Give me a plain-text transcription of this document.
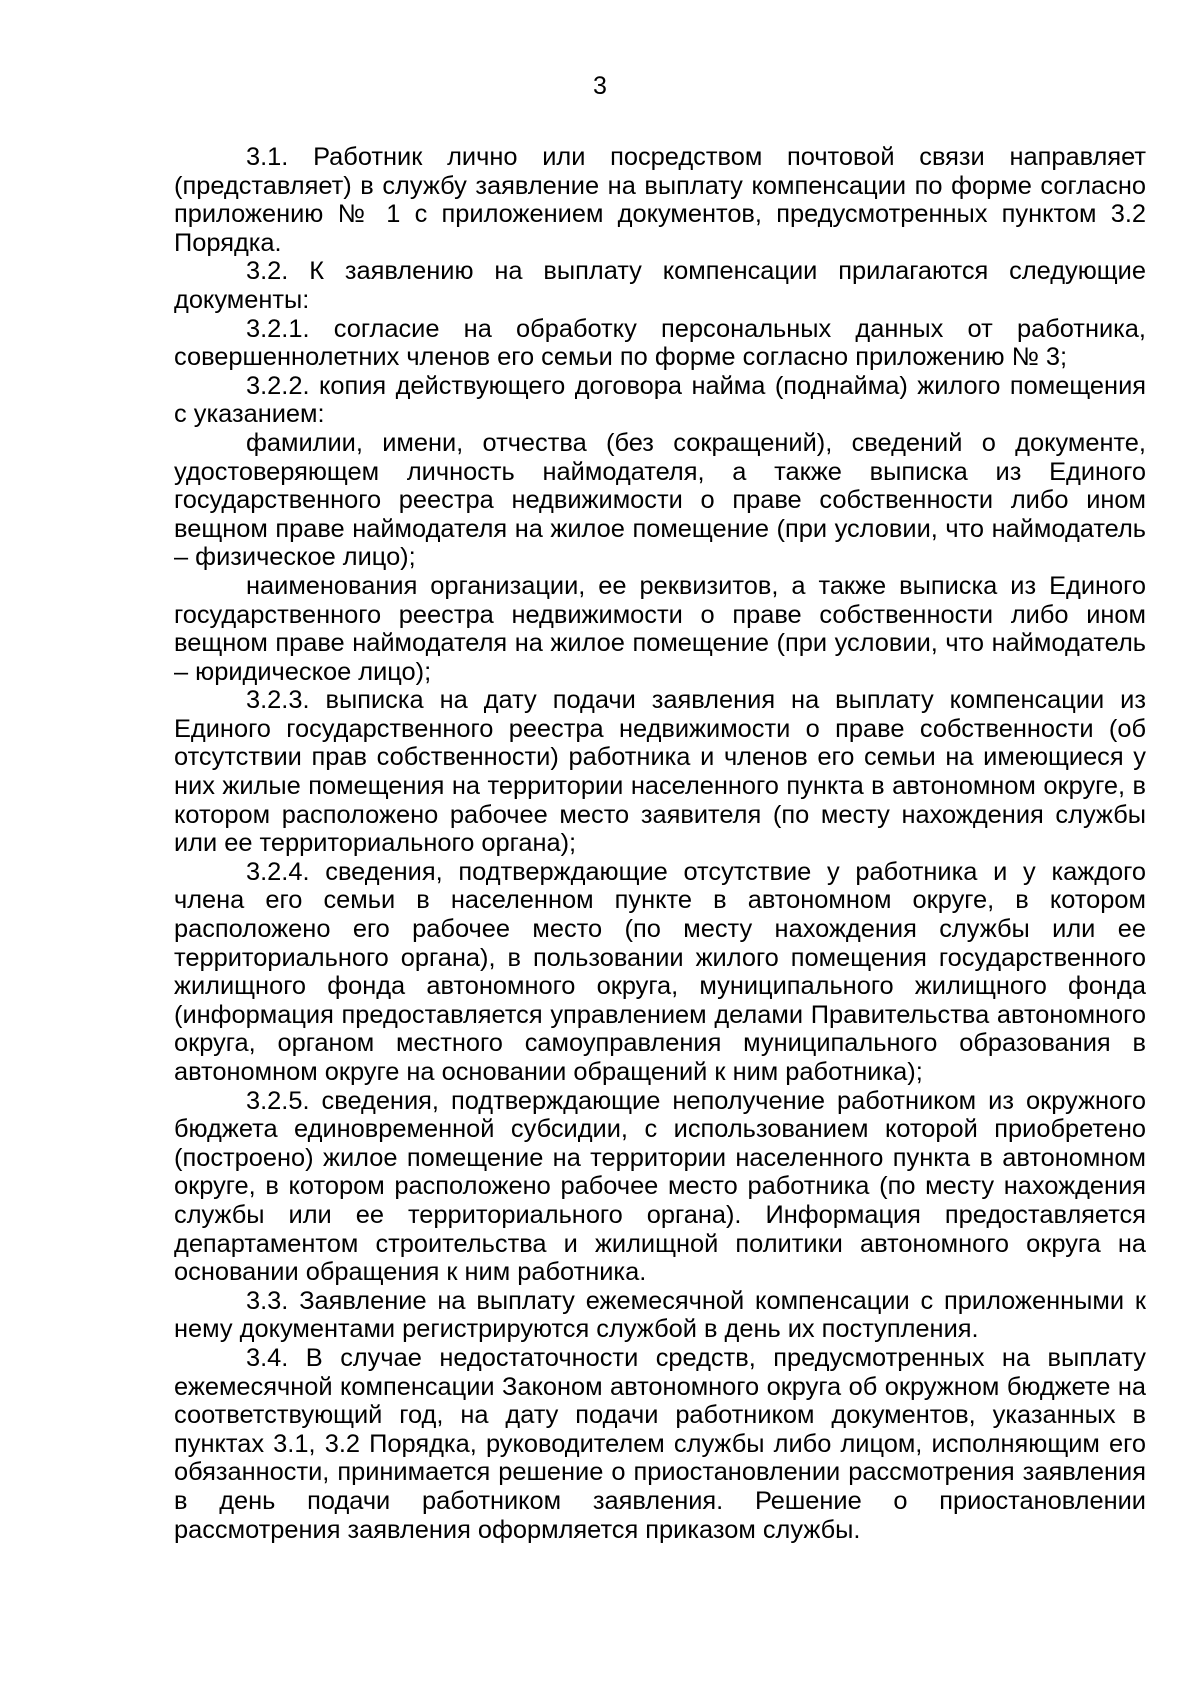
3

3.1. Работник лично или посредством почтовой связи направляет (представляет) в службу заявление на выплату компенсации по форме согласно приложению № 1 с приложением документов, предусмотренных пунктом 3.2 Порядка.

3.2. К заявлению на выплату компенсации прилагаются следующие документы:

3.2.1. согласие на обработку персональных данных от работника, совершеннолетних членов его семьи по форме согласно приложению № 3;

3.2.2. копия действующего договора найма (поднайма) жилого помещения с указанием:

фамилии, имени, отчества (без сокращений), сведений о документе, удостоверяющем личность наймодателя, а также выписка из Единого государственного реестра недвижимости о праве собственности либо ином вещном праве наймодателя на жилое помещение (при условии, что наймодатель – физическое лицо);

наименования организации, ее реквизитов, а также выписка из Единого государственного реестра недвижимости о праве собственности либо ином вещном праве наймодателя на жилое помещение (при условии, что наймодатель – юридическое лицо);

3.2.3. выписка на дату подачи заявления на выплату компенсации из Единого государственного реестра недвижимости о праве собственности (об отсутствии прав собственности) работника и членов его семьи на имеющиеся у них жилые помещения на территории населенного пункта в автономном округе, в котором расположено рабочее место заявителя (по месту нахождения службы или ее территориального органа);

3.2.4. сведения, подтверждающие отсутствие у работника и у каждого члена его семьи в населенном пункте в автономном округе, в котором расположено его рабочее место (по месту нахождения службы или ее территориального органа), в пользовании жилого помещения государственного жилищного фонда автономного округа, муниципального жилищного фонда (информация предоставляется управлением делами Правительства автономного округа, органом местного самоуправления муниципального образования в автономном округе на основании обращений к ним работника);

3.2.5. сведения, подтверждающие неполучение работником из окружного бюджета единовременной субсидии, с использованием которой приобретено (построено) жилое помещение на территории населенного пункта в автономном округе, в котором расположено рабочее место работника (по месту нахождения службы или ее территориального органа). Информация предоставляется департаментом строительства и жилищной политики автономного округа на основании обращения к ним работника.

3.3. Заявление на выплату ежемесячной компенсации с приложенными к нему документами регистрируются службой в день их поступления.

3.4. В случае недостаточности средств, предусмотренных на выплату ежемесячной компенсации Законом автономного округа об окружном бюджете на соответствующий год, на дату подачи работником документов, указанных в пунктах 3.1, 3.2 Порядка, руководителем службы либо лицом, исполняющим его обязанности, принимается решение о приостановлении рассмотрения заявления в день подачи работником заявления. Решение о приостановлении рассмотрения заявления оформляется приказом службы.
